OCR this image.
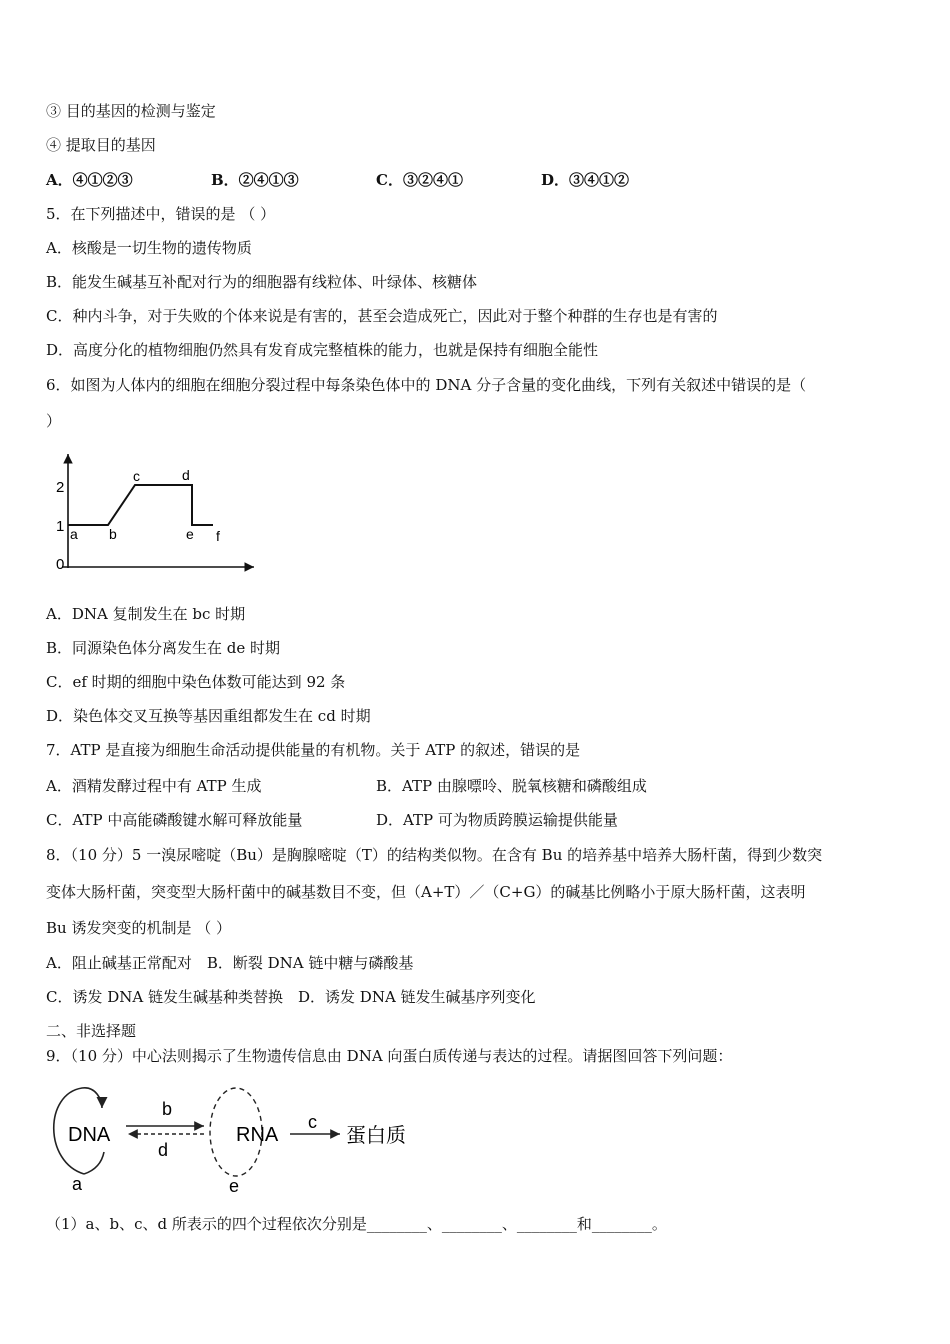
③ 目的基因的检测与鉴定
④ 提取目的基因
A．④①②③	B．②④①③	C．③②④①	D．③④①②
5．在下列描述中，错误的是 （ ）
A．核酸是一切生物的遗传物质
B．能发生碱基互补配对行为的细胞器有线粒体、叶绿体、核糖体
C．种内斗争，对于失败的个体来说是有害的，甚至会造成死亡，因此对于整个种群的生存也是有害的
D．高度分化的植物细胞仍然具有发育成完整植株的能力，也就是保持有细胞全能性
6．如图为人体内的细胞在细胞分裂过程中每条染色体中的 DNA 分子含量的变化曲线，下列有关叙述中错误的是（
）
2
1
0
a b
c	d
e f
A．DNA 复制发生在 bc 时期
B．同源染色体分离发生在 de 时期
C．ef 时期的细胞中染色体数可能达到 92 条
D．染色体交叉互换等基因重组都发生在 cd 时期
7．ATP 是直接为细胞生命活动提供能量的有机物。关于 ATP 的叙述，错误的是
A．酒精发酵过程中有 ATP 生成	B．ATP 由腺嘌呤、脱氧核糖和磷酸组成
C．ATP 中高能磷酸键水解可释放能量	D．ATP 可为物质跨膜运输提供能量
8．（10 分）5 一溴尿嘧啶（Bu）是胸腺嘧啶（T）的结构类似物。在含有 Bu 的培养基中培养大肠杆菌，得到少数突
变体大肠杆菌，突变型大肠杆菌中的碱基数目不变，但（A+T）／（C+G）的碱基比例略小于原大肠杆菌，这表明
Bu 诱发突变的机制是 （ ）
A．阻止碱基正常配对　B．断裂 DNA 链中糖与磷酸基
C．诱发 DNA 链发生碱基种类替换　D．诱发 DNA 链发生碱基序列变化
二、非选择题
9．（10 分）中心法则揭示了生物遗传信息由 DNA 向蛋白质传递与表达的过程。请据图回答下列问题：
DNA
a
b
d
RNA
e
c
蛋白质
（1）a、b、c、d 所表示的四个过程依次分别是________、________、________和________。
